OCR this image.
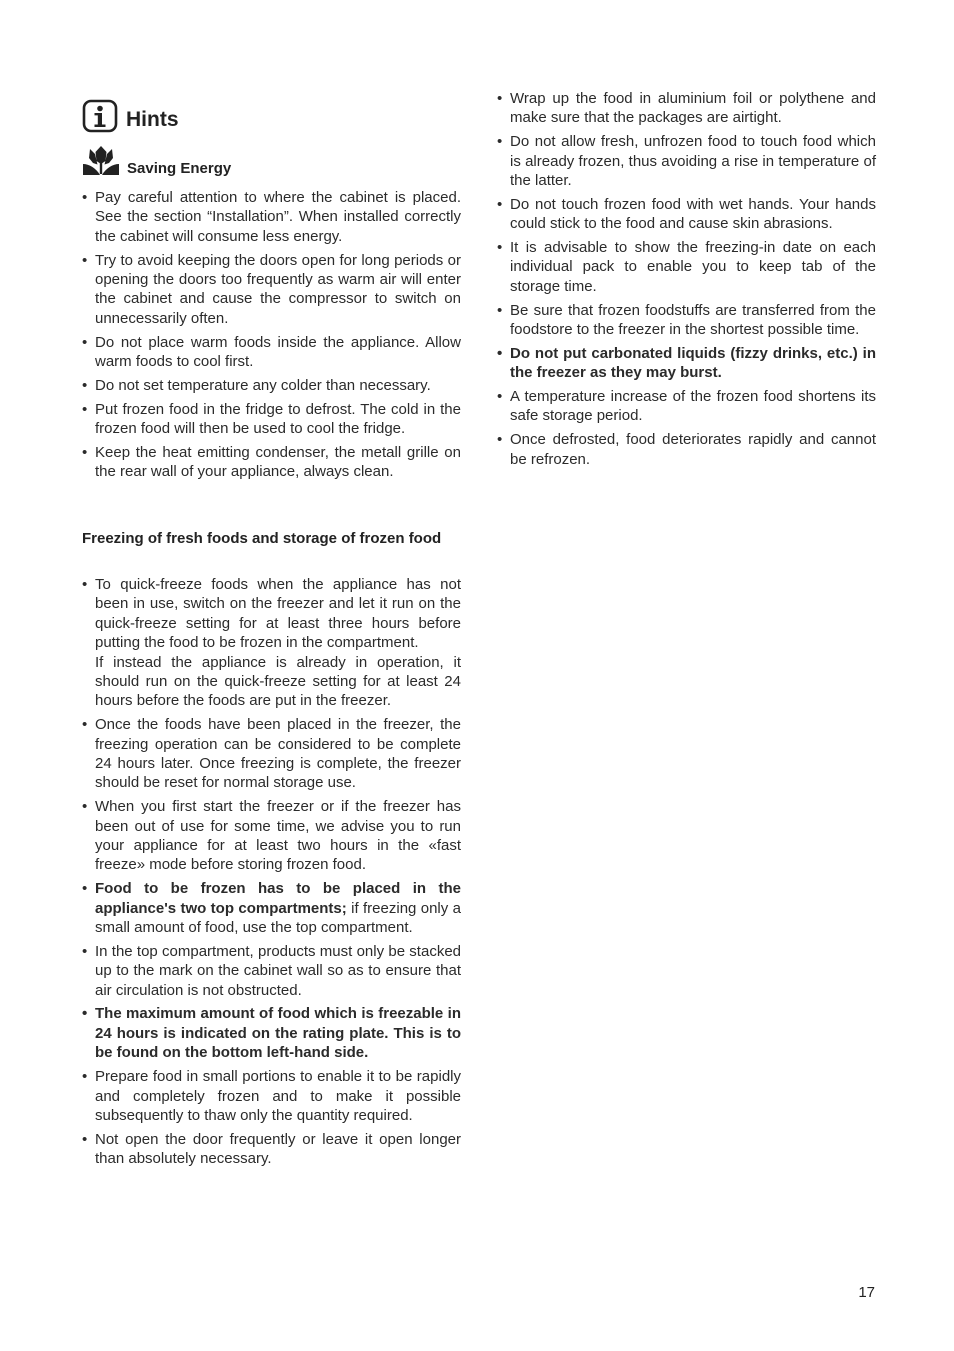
Hints
Saving Energy
• Pay careful attention to where the cabinet is placed. See the section “Installation”. When installed correctly the cabinet will consume less energy.
• Try to avoid keeping the doors open for long periods or opening the doors too frequently as warm air will enter the cabinet and cause the compressor to switch on unnecessarily often.
• Do not place warm foods inside the appliance. Allow warm foods to cool first.
• Do not set temperature any colder than necessary.
• Put frozen food in the fridge to defrost. The cold in the frozen food will then be used to cool the fridge.
• Keep the heat emitting condenser, the metall grille on the rear wall of your appliance, always clean.
Freezing of fresh foods and storage of frozen food
• To quick-freeze foods when the appliance has not been in use, switch on the freezer and let it run on the quick-freeze setting for at least three hours before putting the food to be frozen in the compartment.
If instead the appliance is already in operation, it should run on the quick-freeze setting for at least 24 hours before the foods are put in the freezer.
• Once the foods have been placed in the freezer, the freezing operation can be considered to be complete 24 hours later. Once freezing is complete, the freezer should be reset for normal storage use.
• When you first start the freezer or if the freezer has been out of use for some time, we advise you to run your appliance for at least two hours in the «fast freeze» mode before storing frozen food.
• Food to be frozen has to be placed in the appliance's two top compartments; if freezing only a small amount of food, use the top compartment.
• In the top compartment, products must only be stacked up to the mark on the cabinet wall so as to ensure that air circulation is not obstructed.
• The maximum amount of food which is freezable in 24 hours is indicated on the rating plate. This is to be found on the bottom left-hand side.
• Prepare food in small portions to enable it to be rapidly and completely frozen and to make it possible subsequently to thaw only the quantity required.
• Not open the door frequently or leave it open longer than absolutely necessary.
• Wrap up the food in aluminium foil or polythene and make sure that the packages are airtight.
• Do not allow fresh, unfrozen food to touch food which is already frozen, thus avoiding a rise in temperature of the latter.
• Do not touch frozen food with wet hands. Your hands could stick to the food and cause skin abrasions.
• It is advisable to show the freezing-in date on each individual pack to enable you to keep tab of the storage time.
• Be sure that frozen foodstuffs are transferred from the foodstore to the freezer in the shortest possible time.
• Do not put carbonated liquids (fizzy drinks, etc.) in the freezer as they may burst.
• A temperature increase of the frozen food shortens its safe storage period.
• Once defrosted, food deteriorates rapidly and cannot be refrozen.
17
